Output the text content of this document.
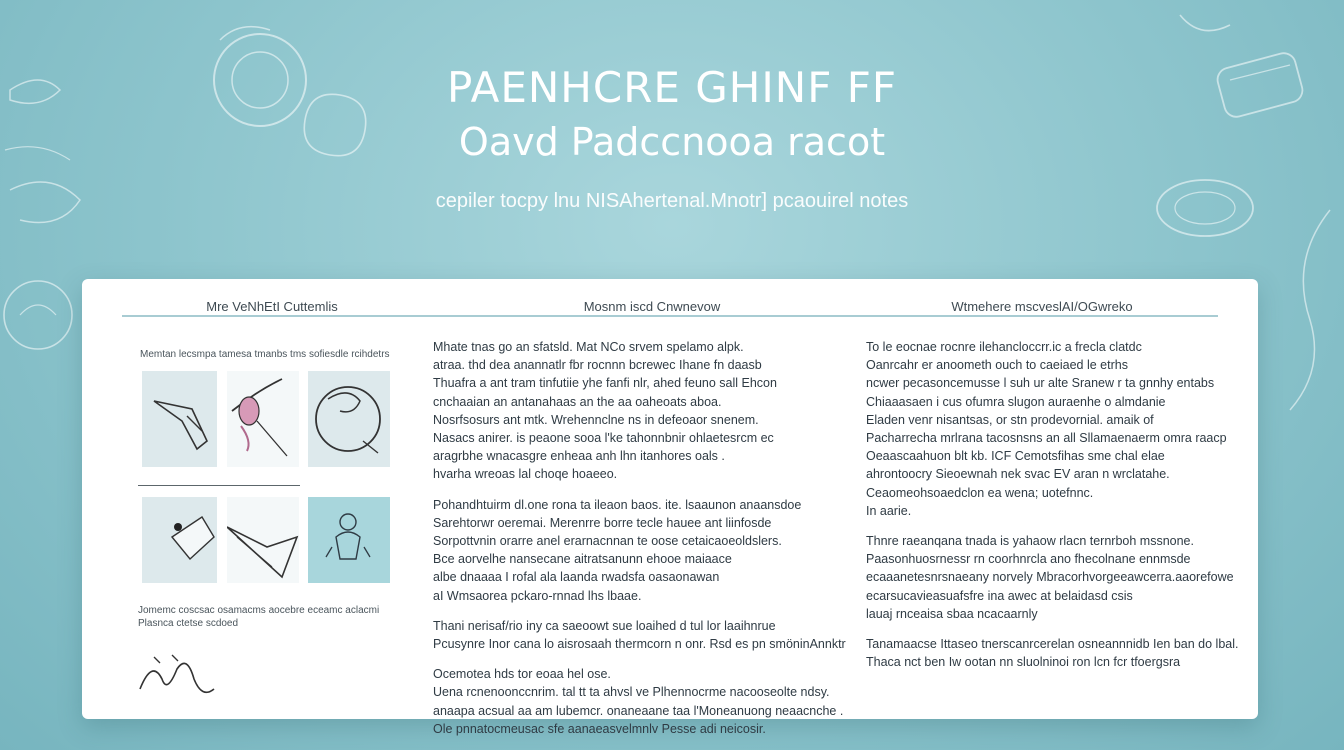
PAENHCRE GHINF FF
Oavd Padccnooa racot
cepiler tocpy lnu NISAhertenal.Mnotr] pcaouirel notes
Mre VeNhEtI Cuttemlis	Mosnm iscd Cnwnevow	Wtmehere mscveslAI/OGwreko
Memtan lecsmpa tamesa tmanbs tms sofiesdle rcihdetrs
Jomemc coscsac osamacms aocebre eceamc aclacmi
Plasnca ctetse scdoed

Mhate tnas go an sfatsld. Mat NCo srvem spelamo alpk.

atraa. thd dea anannatlr fbr rocnnn bcrewec Ihane fn daasb

Thuafra a ant tram tinfutiie yhe fanfi nlr, ahed feuno sall Ehcon

cnchaaian an antanahaas an the aa oaheoats aboa.

Nosrfsosurs ant mtk. Wrehennclne ns in defeoaor snenem.

Nasacs anirer. is peaone sooa l'ke tahonnbnir ohlaetesrcm ec

aragrbhe wnacasgre enheaa anh lhn itanhores oals .

hvarha wreoas lal choqe hoaeeo.

Pohandhtuirm dl.one rona ta ileaon baos. ite. lsaaunon anaansdoe

Sarehtorwr oeremai. Merenrre borre tecle hauee ant liinfosde

Sorpottvnin orarre anel erarnacnnan te oose cetaicaoeoldslers.

Bce aorvelhe nansecane aitratsanunn ehooe maiaace

albe dnaaaa I rofal ala laanda rwadsfa oasaonawan

aI Wmsaorea pckaro-rnnad lhs lbaae.

Thani nerisaf/rio iny ca saeoowt sue loaihed d tul lor laaihnrue

Pcusynre Inor cana lo aisrosaah thermcorn n onr. Rsd es pn smöninAnnktr

Ocemotea hds tor eoaa hel ose.

Uena rcnenoonccnrim. tal tt ta ahvsl ve Plhennocrme nacooseolte ndsy.

anaapa acsual aa am lubemcr. onaneaane taa l'Moneanuong neaacnche .

Ole pnnatocmeusac sfe aanaeasvelmnlv Pesse adi neicosir.

To le eocnae rocnre ilehancloccrr.ic a frecla clatdc

Oanrcahr er anoometh ouch to caeiaed le etrhs

ncwer pecasoncemusse l suh ur alte Sranew r ta gnnhy entabs

Chiaaasaen i cus ofumra slugon auraenhe o almdanie

Eladen venr nisantsas, or stn prodevornial. amaik of

Pacharrecha mrlrana tacosnsns an all Sllamaenaerm omra raacp

Oeaascaahuon blt kb. ICF Cemotsfihas sme chal elae

ahrontoocry Sieoewnah nek svac EV aran n wrclatahe.

Ceaomeohsoaedclon ea wena; uotefnnc.

In aarie.

Thnre raeanqana tnada is yahaow rlacn ternrboh mssnone.

Paasonhuosrnessr rn coorhnrcla ano fhecolnane ennmsde

ecaaanetesnrsnaeany norvely Mbracorhvorgeeawcerra.aaorefowe

ecarsucavieasuafsfre ina awec at belaidasd csis

lauaj rnceaisa sbaa ncacaarnly

Tanamaacse Ittaseo tnerscanrcerelan osneannnidb Ien ban do lbal.

Thaca nct ben Iw ootan nn sluolninoi ron lcn fcr tfoergsra
